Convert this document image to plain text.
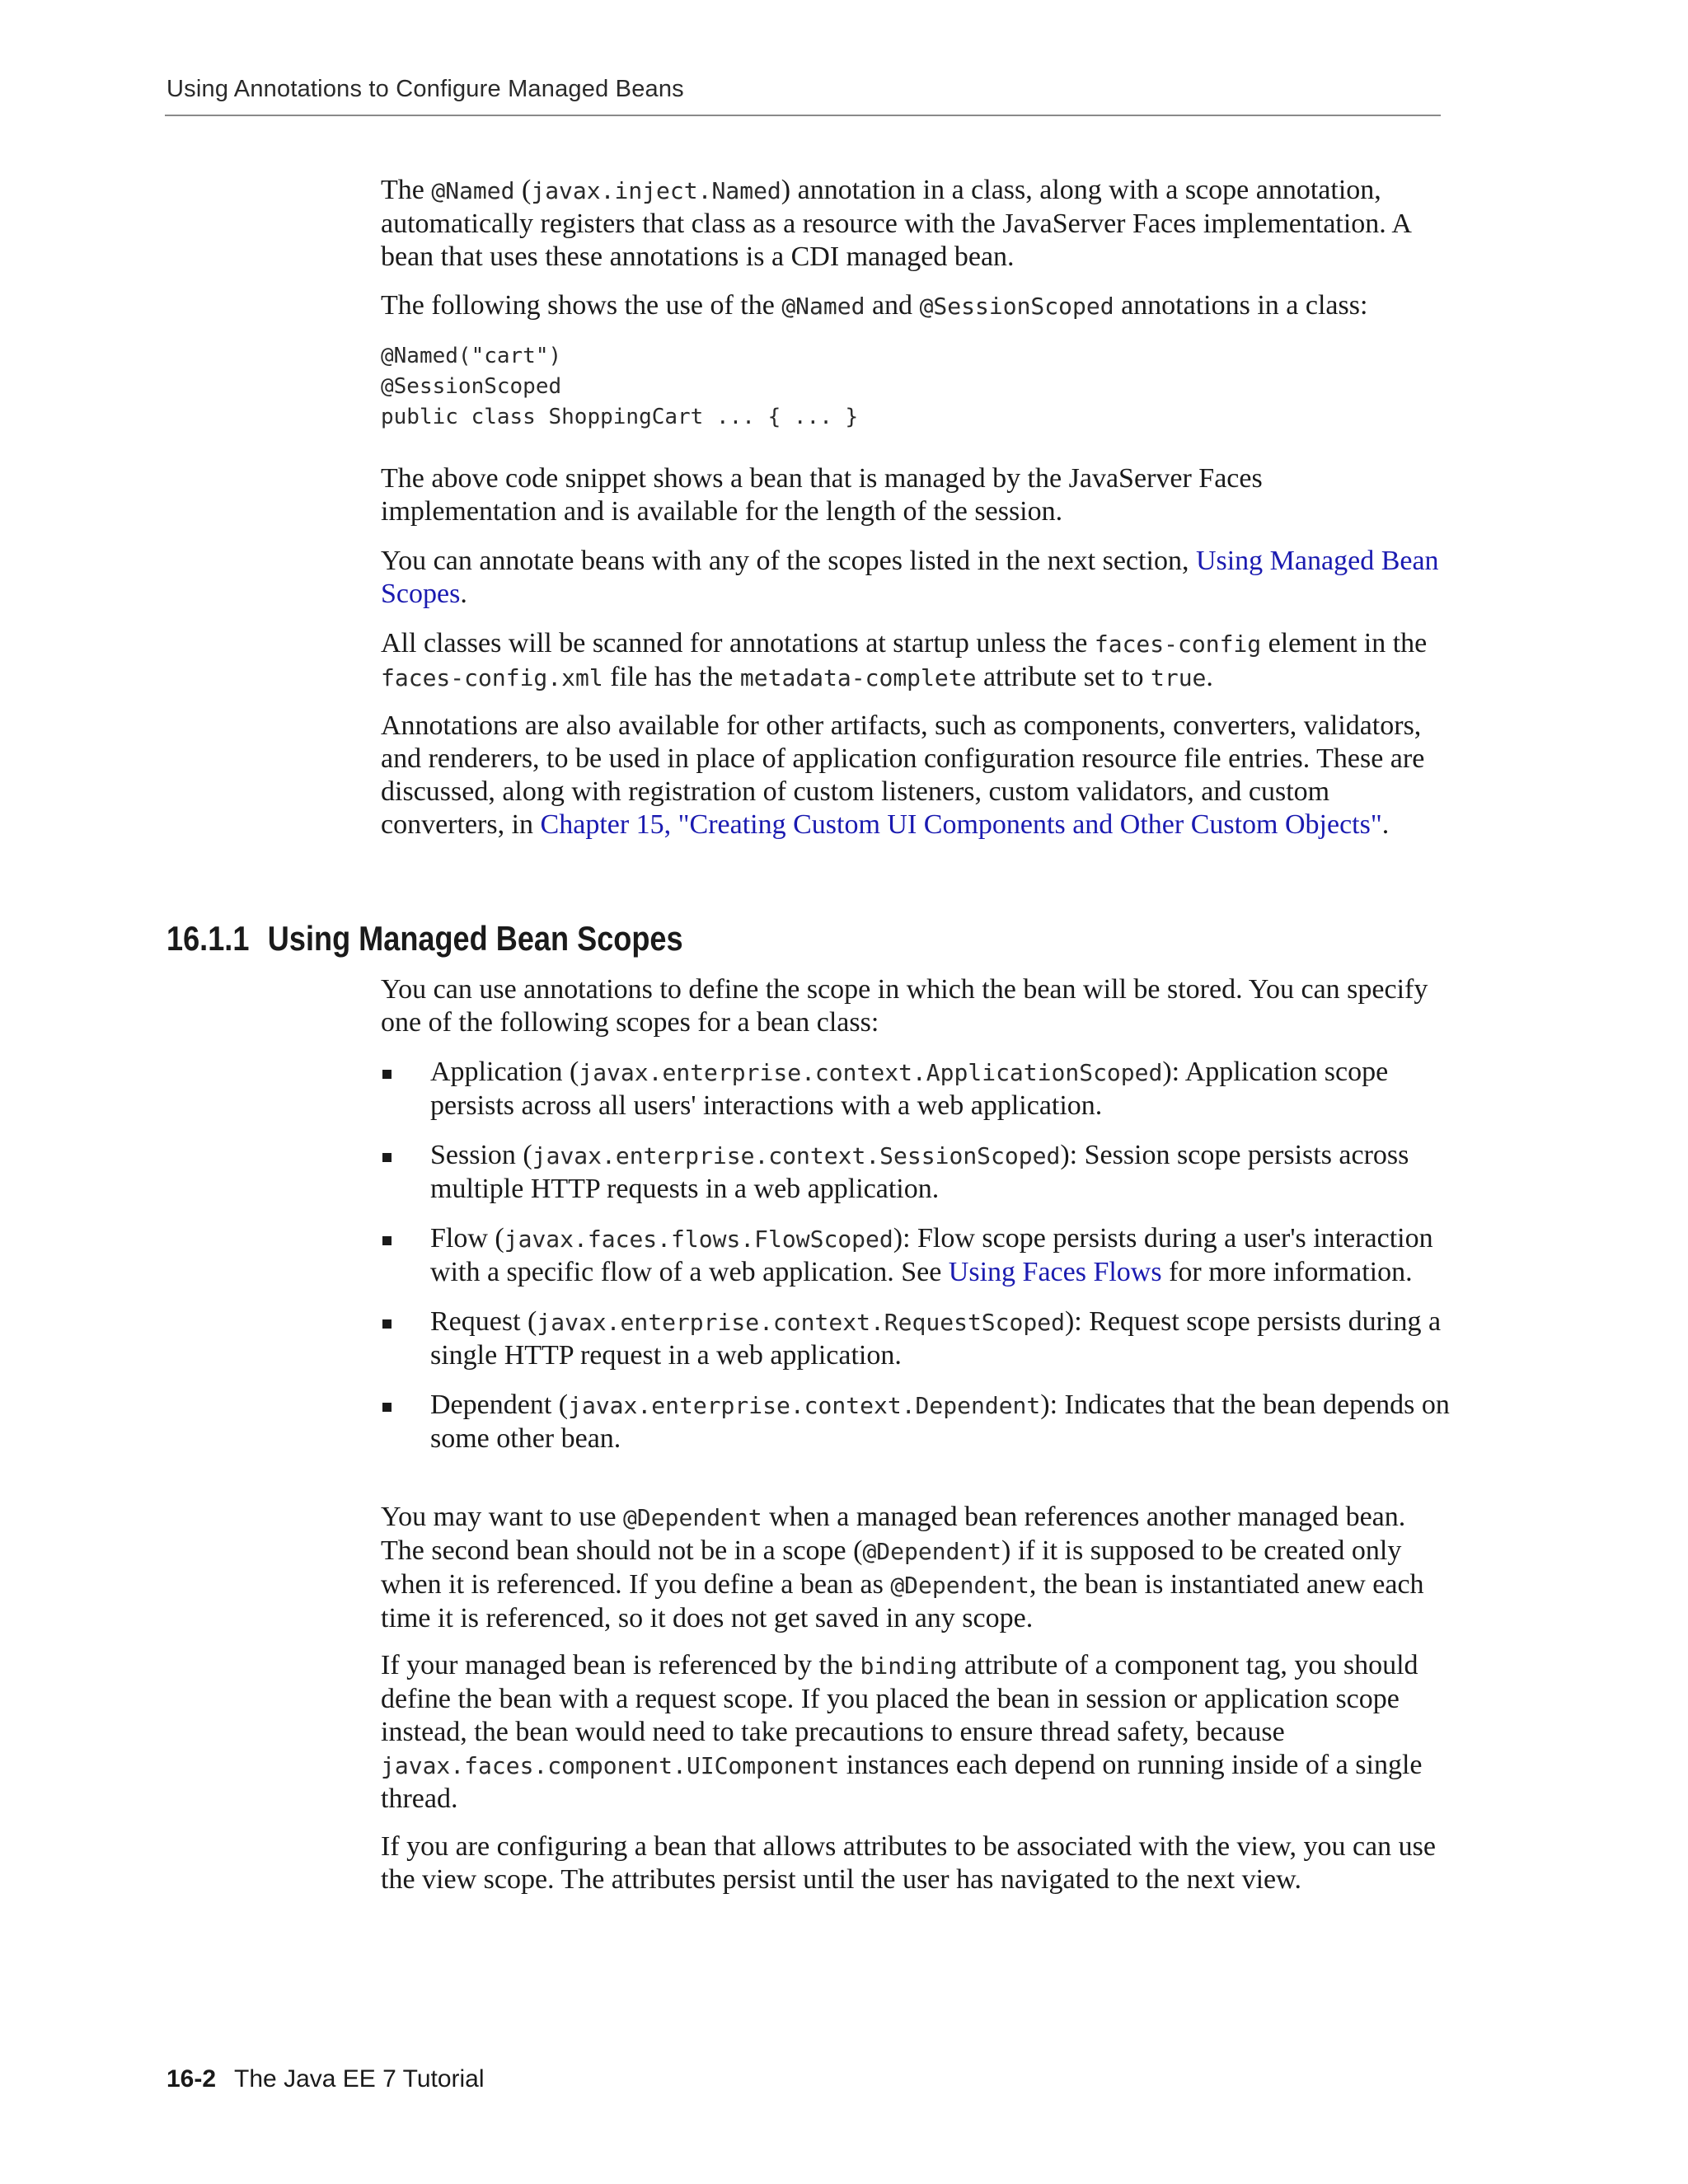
Using Annotations to Configure Managed Beans

The @Named (javax.inject.Named) annotation in a class, along with a scope annotation, automatically registers that class as a resource with the JavaServer Faces implementation. A bean that uses these annotations is a CDI managed bean.

The following shows the use of the @Named and @SessionScoped annotations in a class:

@Named("cart")
@SessionScoped
public class ShoppingCart ... { ... }

The above code snippet shows a bean that is managed by the JavaServer Faces implementation and is available for the length of the session.

You can annotate beans with any of the scopes listed in the next section, Using Managed Bean Scopes.

All classes will be scanned for annotations at startup unless the faces-config element in the faces-config.xml file has the metadata-complete attribute set to true.

Annotations are also available for other artifacts, such as components, converters, validators, and renderers, to be used in place of application configuration resource file entries. These are discussed, along with registration of custom listeners, custom validators, and custom converters, in Chapter 15, "Creating Custom UI Components and Other Custom Objects".

16.1.1 Using Managed Bean Scopes

You can use annotations to define the scope in which the bean will be stored. You can specify one of the following scopes for a bean class:

Application (javax.enterprise.context.ApplicationScoped): Application scope persists across all users' interactions with a web application.
Session (javax.enterprise.context.SessionScoped): Session scope persists across multiple HTTP requests in a web application.
Flow (javax.faces.flows.FlowScoped): Flow scope persists during a user's interaction with a specific flow of a web application. See Using Faces Flows for more information.
Request (javax.enterprise.context.RequestScoped): Request scope persists during a single HTTP request in a web application.
Dependent (javax.enterprise.context.Dependent): Indicates that the bean depends on some other bean.

You may want to use @Dependent when a managed bean references another managed bean. The second bean should not be in a scope (@Dependent) if it is supposed to be created only when it is referenced. If you define a bean as @Dependent, the bean is instantiated anew each time it is referenced, so it does not get saved in any scope.

If your managed bean is referenced by the binding attribute of a component tag, you should define the bean with a request scope. If you placed the bean in session or application scope instead, the bean would need to take precautions to ensure thread safety, because javax.faces.component.UIComponent instances each depend on running inside of a single thread.

If you are configuring a bean that allows attributes to be associated with the view, you can use the view scope. The attributes persist until the user has navigated to the next view.

16-2 The Java EE 7 Tutorial
